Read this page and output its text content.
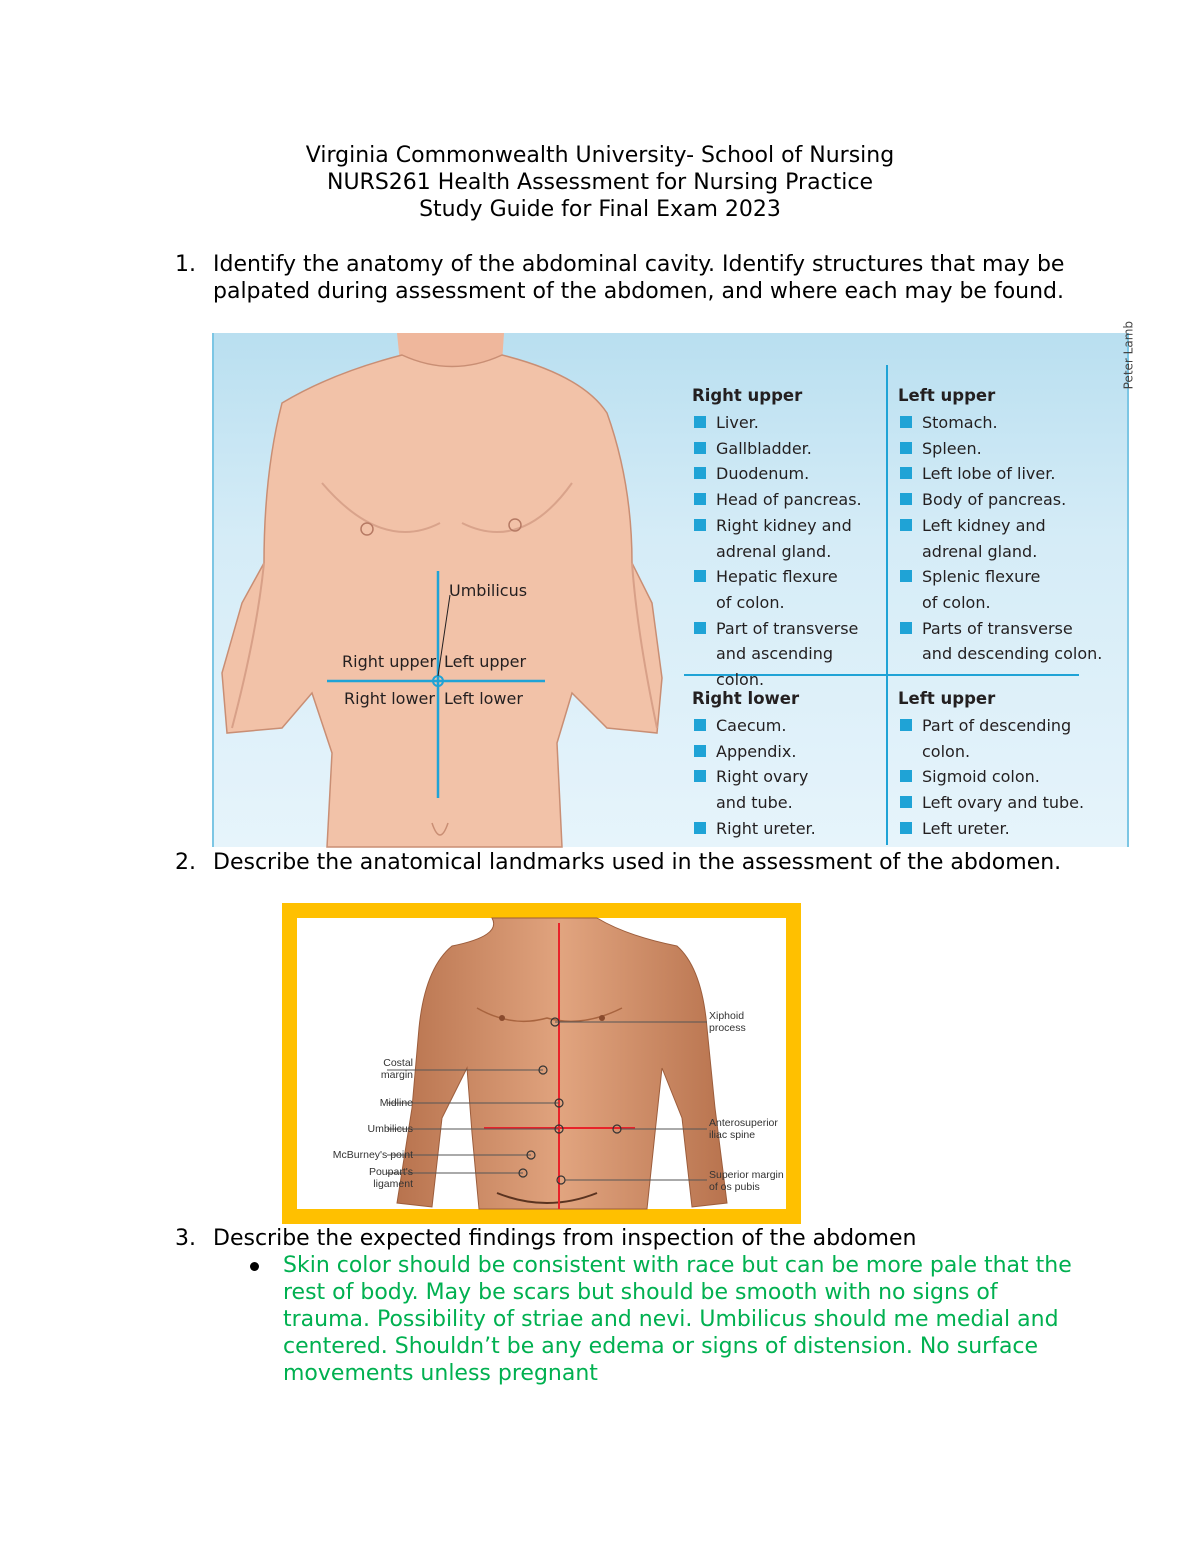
Virginia Commonwealth University- School of Nursing
NURS261 Health Assessment for Nursing Practice
Study Guide for Final Exam 2023
1. Identify the anatomy of the abdominal cavity. Identify structures that may be palpated during assessment of the abdomen, and where each may be found.
Umbilicus
Right upper Left upper
Right lower Left lower
Peter Lamb
Right upper
Liver.
Gallbladder.
Duodenum.
Head of pancreas.
Right kidney and
adrenal gland.
Hepatic flexure
of colon.
Part of transverse
and ascending colon.
Left upper
Stomach.
Spleen.
Left lobe of liver.
Body of pancreas.
Left kidney and
adrenal gland.
Splenic flexure
of colon.
Parts of transverse
and descending colon.
Right lower
Caecum.
Appendix.
Right ovary
and tube.
Right ureter.
Left upper
Part of descending
colon.
Sigmoid colon.
Left ovary and tube.
Left ureter.
2. Describe the anatomical landmarks used in the assessment of the abdomen.
Xiphoid
process
Costal
margin
Midline
Umbilicus	Anterosuperior
iliac spine
McBurney's point
Poupart's
ligament
Superior margin
of os pubis
3. Describe the expected findings from inspection of the abdomen
Skin color should be consistent with race but can be more pale that the rest of body. May be scars but should be smooth with no signs of trauma. Possibility of striae and nevi. Umbilicus should me medial and centered. Shouldn’t be any edema or signs of distension. No surface movements unless pregnant
